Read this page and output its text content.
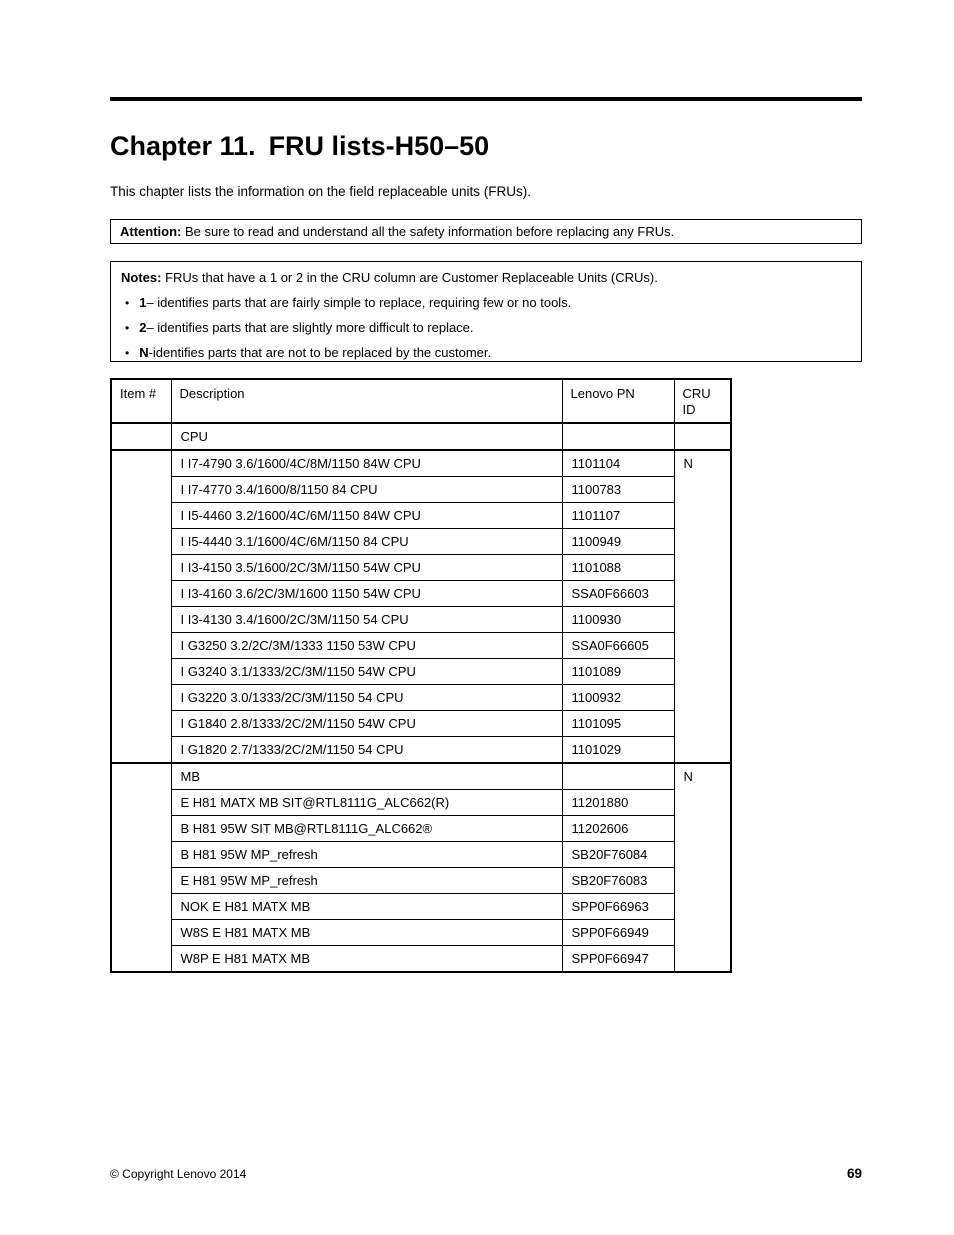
Chapter 11. FRU lists-H50–50

This chapter lists the information on the field replaceable units (FRUs).

Attention: Be sure to read and understand all the safety information before replacing any FRUs.
Notes: FRUs that have a 1 or 2 in the CRU column are Customer Replaceable Units (CRUs).
• 1– identifies parts that are fairly simple to replace, requiring few or no tools.
• 2– identifies parts that are slightly more difficult to replace.
• N-identifies parts that are not to be replaced by the customer.
Item #	Description	Lenovo PN	CRU ID
	CPU		
	I I7-4790 3.6/1600/4C/8M/1150 84W CPU	1101104	N
	I I7-4770 3.4/1600/8/1150 84 CPU	1100783	
	I I5-4460 3.2/1600/4C/6M/1150 84W CPU	1101107	
	I I5-4440 3.1/1600/4C/6M/1150 84 CPU	1100949	
	I I3-4150 3.5/1600/2C/3M/1150 54W CPU	1101088	
	I I3-4160 3.6/2C/3M/1600 1150 54W CPU	SSA0F66603	
	I I3-4130 3.4/1600/2C/3M/1150 54 CPU	1100930	
	I G3250 3.2/2C/3M/1333 1150 53W CPU	SSA0F66605	
	I G3240 3.1/1333/2C/3M/1150 54W CPU	1101089	
	I G3220 3.0/1333/2C/3M/1150 54 CPU	1100932	
	I G1840 2.8/1333/2C/2M/1150 54W CPU	1101095	
	I G1820 2.7/1333/2C/2M/1150 54 CPU	1101029	
	MB		N
	E H81 MATX MB SIT@RTL8111G_ALC662(R)	11201880	
	B H81 95W SIT MB@RTL8111G_ALC662®	11202606	
	B H81 95W MP_refresh	SB20F76084	
	E H81 95W MP_refresh	SB20F76083	
	NOK E H81 MATX MB	SPP0F66963	
	W8S E H81 MATX MB	SPP0F66949	
	W8P E H81 MATX MB	SPP0F66947	
© Copyright Lenovo 2014	69
